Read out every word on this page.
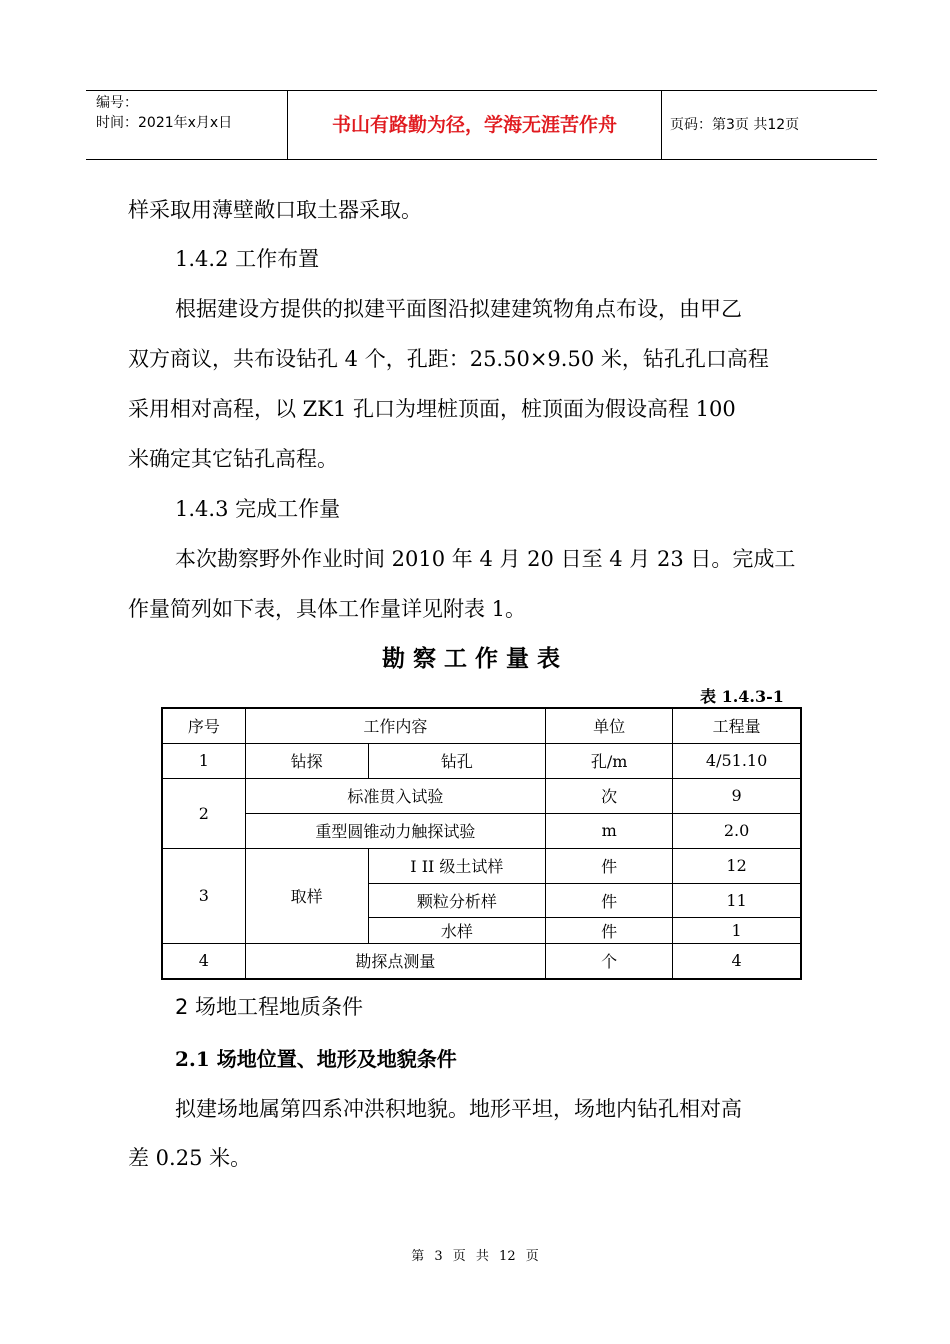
编号：
时间：2021年x月x日	书山有路勤为径，学海无涯苦作舟	页码：第3页 共12页
样采取用薄壁敞口取土器采取。
1.4.2 工作布置
根据建设方提供的拟建平面图沿拟建建筑物角点布设，由甲乙
双方商议，共布设钻孔 4 个，孔距：25.50×9.50 米，钻孔孔口高程
采用相对高程，以 ZK1 孔口为埋桩顶面，桩顶面为假设高程 100
米确定其它钻孔高程。
1.4.3 完成工作量
本次勘察野外作业时间 2010 年 4 月 20 日至 4 月 23 日。完成工
作量简列如下表，具体工作量详见附表 1。
勘察工作量表
表 1.4.3-1
序号	工作内容		单位	工程量
1	钻探	钻孔	孔/m	4/51.10
2	标准贯入试验		次	9
	重型圆锥动力触探试验		m	2.0
3	取样	I II 级土试样	件	12
		颗粒分析样	件	11
		水样	件	1
4	勘探点测量		个	4
2 场地工程地质条件
2.1 场地位置、地形及地貌条件
拟建场地属第四系冲洪积地貌。地形平坦，场地内钻孔相对高
差 0.25 米。
第 3 页 共 12 页
